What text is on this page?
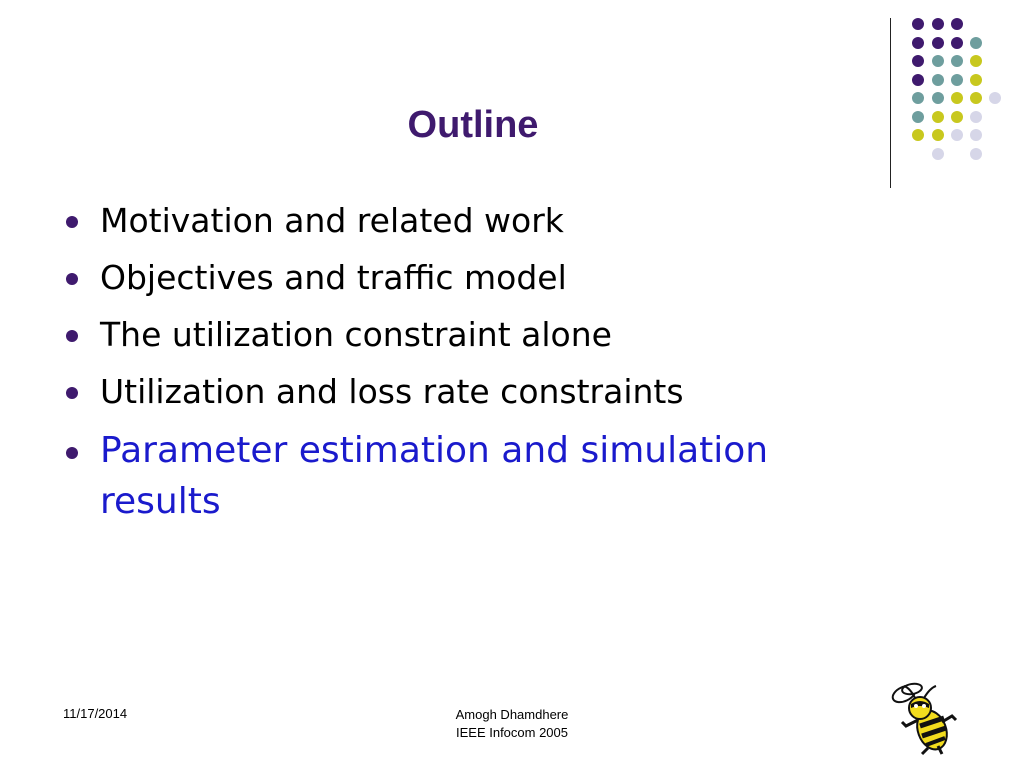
Outline
Motivation and related work
Objectives and traffic model
The utilization constraint alone
Utilization and loss rate constraints
Parameter estimation and simulation results
11/17/2014	Amogh Dhamdhere
IEEE Infocom 2005
